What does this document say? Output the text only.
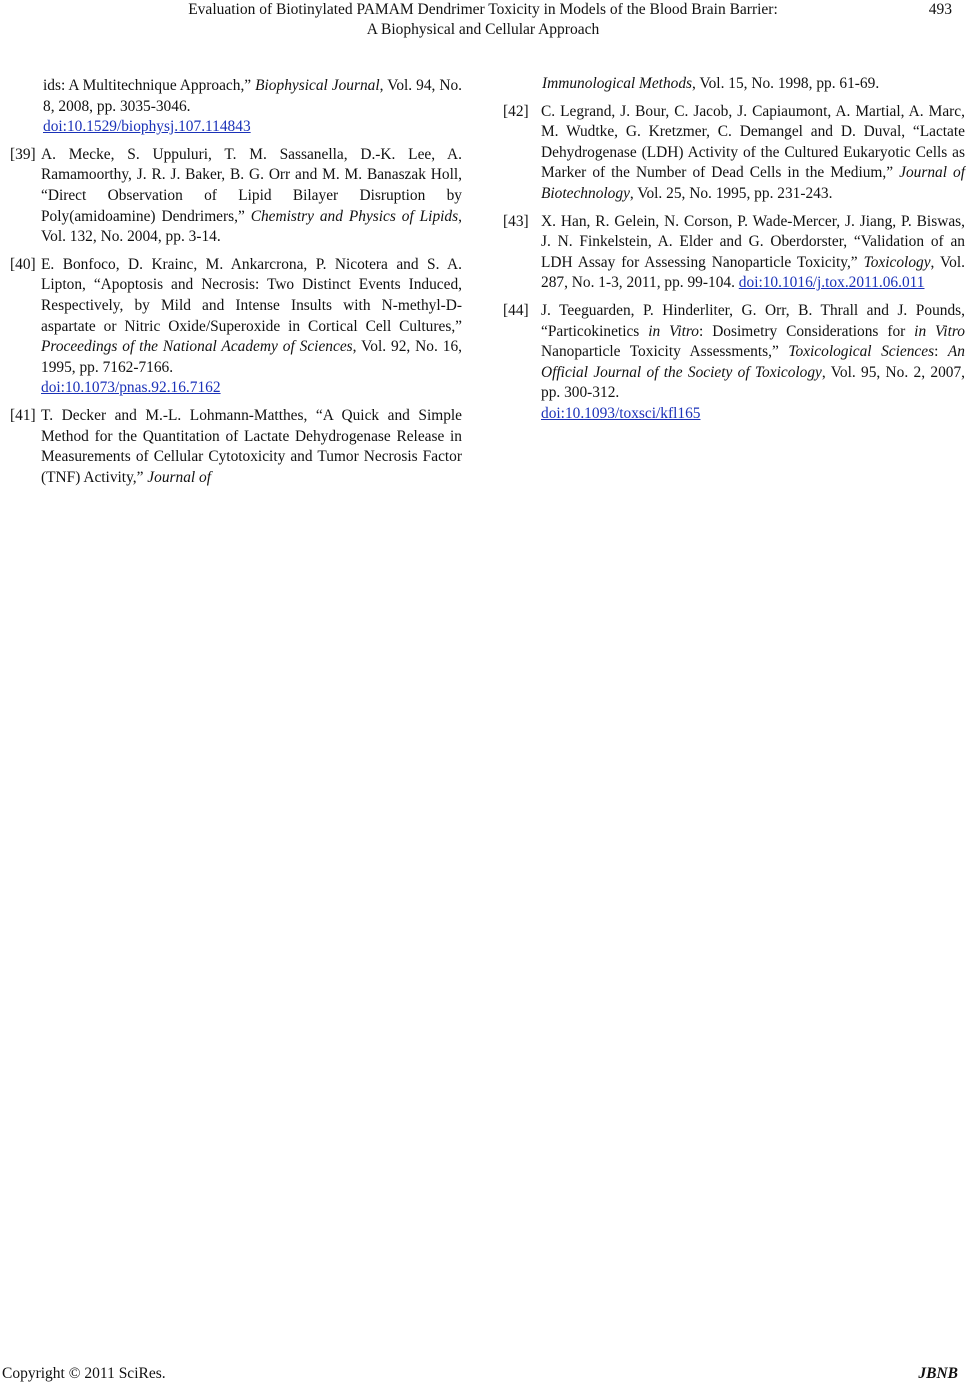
Evaluation of Biotinylated PAMAM Dendrimer Toxicity in Models of the Blood Brain Barrier:
A Biophysical and Cellular Approach
493
ids: A Multitechnique Approach,” Biophysical Journal, Vol. 94, No. 8, 2008, pp. 3035-3046.
doi:10.1529/biophysj.107.114843
[39] A. Mecke, S. Uppuluri, T. M. Sassanella, D.-K. Lee, A. Ramamoorthy, J. R. J. Baker, B. G. Orr and M. M. Banaszak Holl, “Direct Observation of Lipid Bilayer Disruption by Poly(amidoamine) Dendrimers,” Chemistry and Physics of Lipids, Vol. 132, No. 2004, pp. 3-14.
[40] E. Bonfoco, D. Krainc, M. Ankarcrona, P. Nicotera and S. A. Lipton, “Apoptosis and Necrosis: Two Distinct Events Induced, Respectively, by Mild and Intense Insults with N-methyl-D-aspartate or Nitric Oxide/Superoxide in Cortical Cell Cultures,” Proceedings of the National Academy of Sciences, Vol. 92, No. 16, 1995, pp. 7162-7166.
doi:10.1073/pnas.92.16.7162
[41] T. Decker and M.-L. Lohmann-Matthes, “A Quick and Simple Method for the Quantitation of Lactate Dehydrogenase Release in Measurements of Cellular Cytotoxicity and Tumor Necrosis Factor (TNF) Activity,” Journal of
Immunological Methods, Vol. 15, No. 1998, pp. 61-69.
[42] C. Legrand, J. Bour, C. Jacob, J. Capiaumont, A. Martial, A. Marc, M. Wudtke, G. Kretzmer, C. Demangel and D. Duval, “Lactate Dehydrogenase (LDH) Activity of the Cultured Eukaryotic Cells as Marker of the Number of Dead Cells in the Medium,” Journal of Biotechnology, Vol. 25, No. 1995, pp. 231-243.
[43] X. Han, R. Gelein, N. Corson, P. Wade-Mercer, J. Jiang, P. Biswas, J. N. Finkelstein, A. Elder and G. Oberdorster, “Validation of an LDH Assay for Assessing Nanoparticle Toxicity,” Toxicology, Vol. 287, No. 1-3, 2011, pp. 99-104. doi:10.1016/j.tox.2011.06.011
[44] J. Teeguarden, P. Hinderliter, G. Orr, B. Thrall and J. Pounds, “Particokinetics in Vitro: Dosimetry Considerations for in Vitro Nanoparticle Toxicity Assessments,” Toxicological Sciences: An Official Journal of the Society of Toxicology, Vol. 95, No. 2, 2007, pp. 300-312.
doi:10.1093/toxsci/kfl165
Copyright © 2011 SciRes.	JBNB
